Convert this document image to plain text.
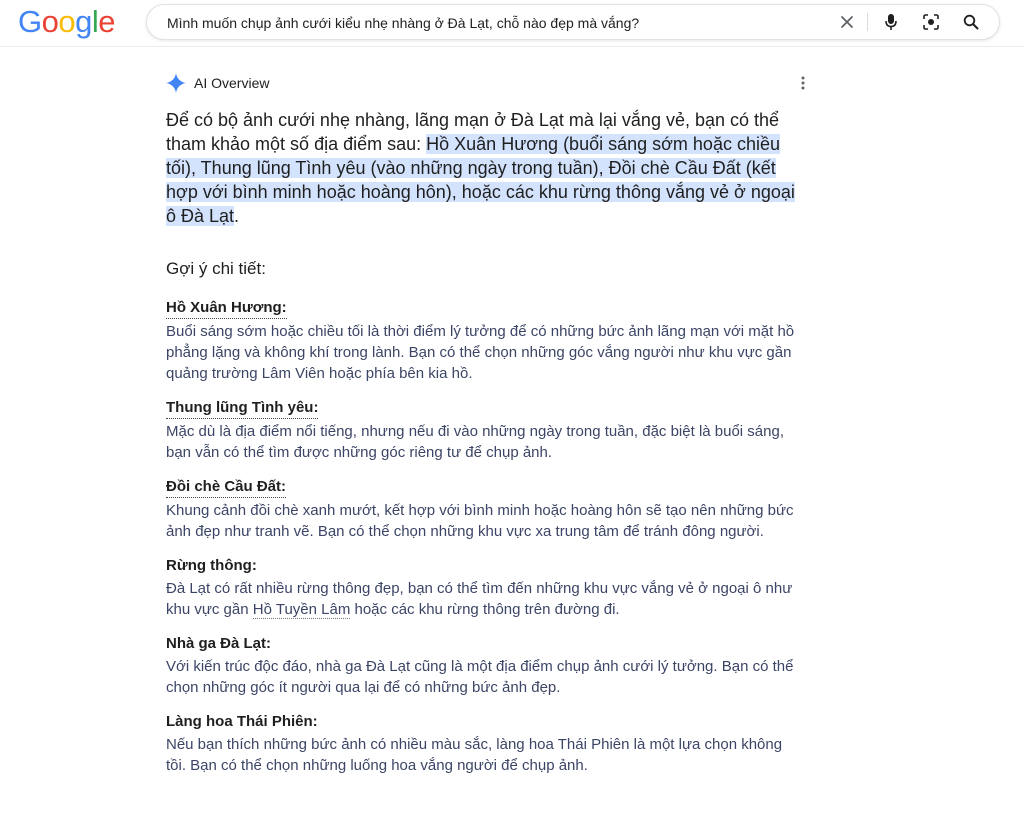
Google
Mình muốn chụp ảnh cưới kiểu nhẹ nhàng ở Đà Lạt, chỗ nào đẹp mà vắng?
AI Overview

Để có bộ ảnh cưới nhẹ nhàng, lãng mạn ở Đà Lạt mà lại vắng vẻ, bạn có thể tham khảo một số địa điểm sau: Hồ Xuân Hương (buổi sáng sớm hoặc chiều tối), Thung lũng Tình yêu (vào những ngày trong tuần), Đồi chè Cầu Đất (kết hợp với bình minh hoặc hoàng hôn), hoặc các khu rừng thông vắng vẻ ở ngoại ô Đà Lạt.

Gợi ý chi tiết:

Hồ Xuân Hương:

Buổi sáng sớm hoặc chiều tối là thời điểm lý tưởng để có những bức ảnh lãng mạn với mặt hồ phẳng lặng và không khí trong lành. Bạn có thể chọn những góc vắng người như khu vực gần quảng trường Lâm Viên hoặc phía bên kia hồ.

Thung lũng Tình yêu:

Mặc dù là địa điểm nổi tiếng, nhưng nếu đi vào những ngày trong tuần, đặc biệt là buổi sáng, bạn vẫn có thể tìm được những góc riêng tư để chụp ảnh.

Đồi chè Cầu Đất:

Khung cảnh đồi chè xanh mướt, kết hợp với bình minh hoặc hoàng hôn sẽ tạo nên những bức ảnh đẹp như tranh vẽ. Bạn có thể chọn những khu vực xa trung tâm để tránh đông người.

Rừng thông:

Đà Lạt có rất nhiều rừng thông đẹp, bạn có thể tìm đến những khu vực vắng vẻ ở ngoại ô như khu vực gần Hồ Tuyền Lâm hoặc các khu rừng thông trên đường đi.

Nhà ga Đà Lạt:

Với kiến trúc độc đáo, nhà ga Đà Lạt cũng là một địa điểm chụp ảnh cưới lý tưởng. Bạn có thể chọn những góc ít người qua lại để có những bức ảnh đẹp.

Làng hoa Thái Phiên:

Nếu bạn thích những bức ảnh có nhiều màu sắc, làng hoa Thái Phiên là một lựa chọn không tồi. Bạn có thể chọn những luống hoa vắng người để chụp ảnh.
